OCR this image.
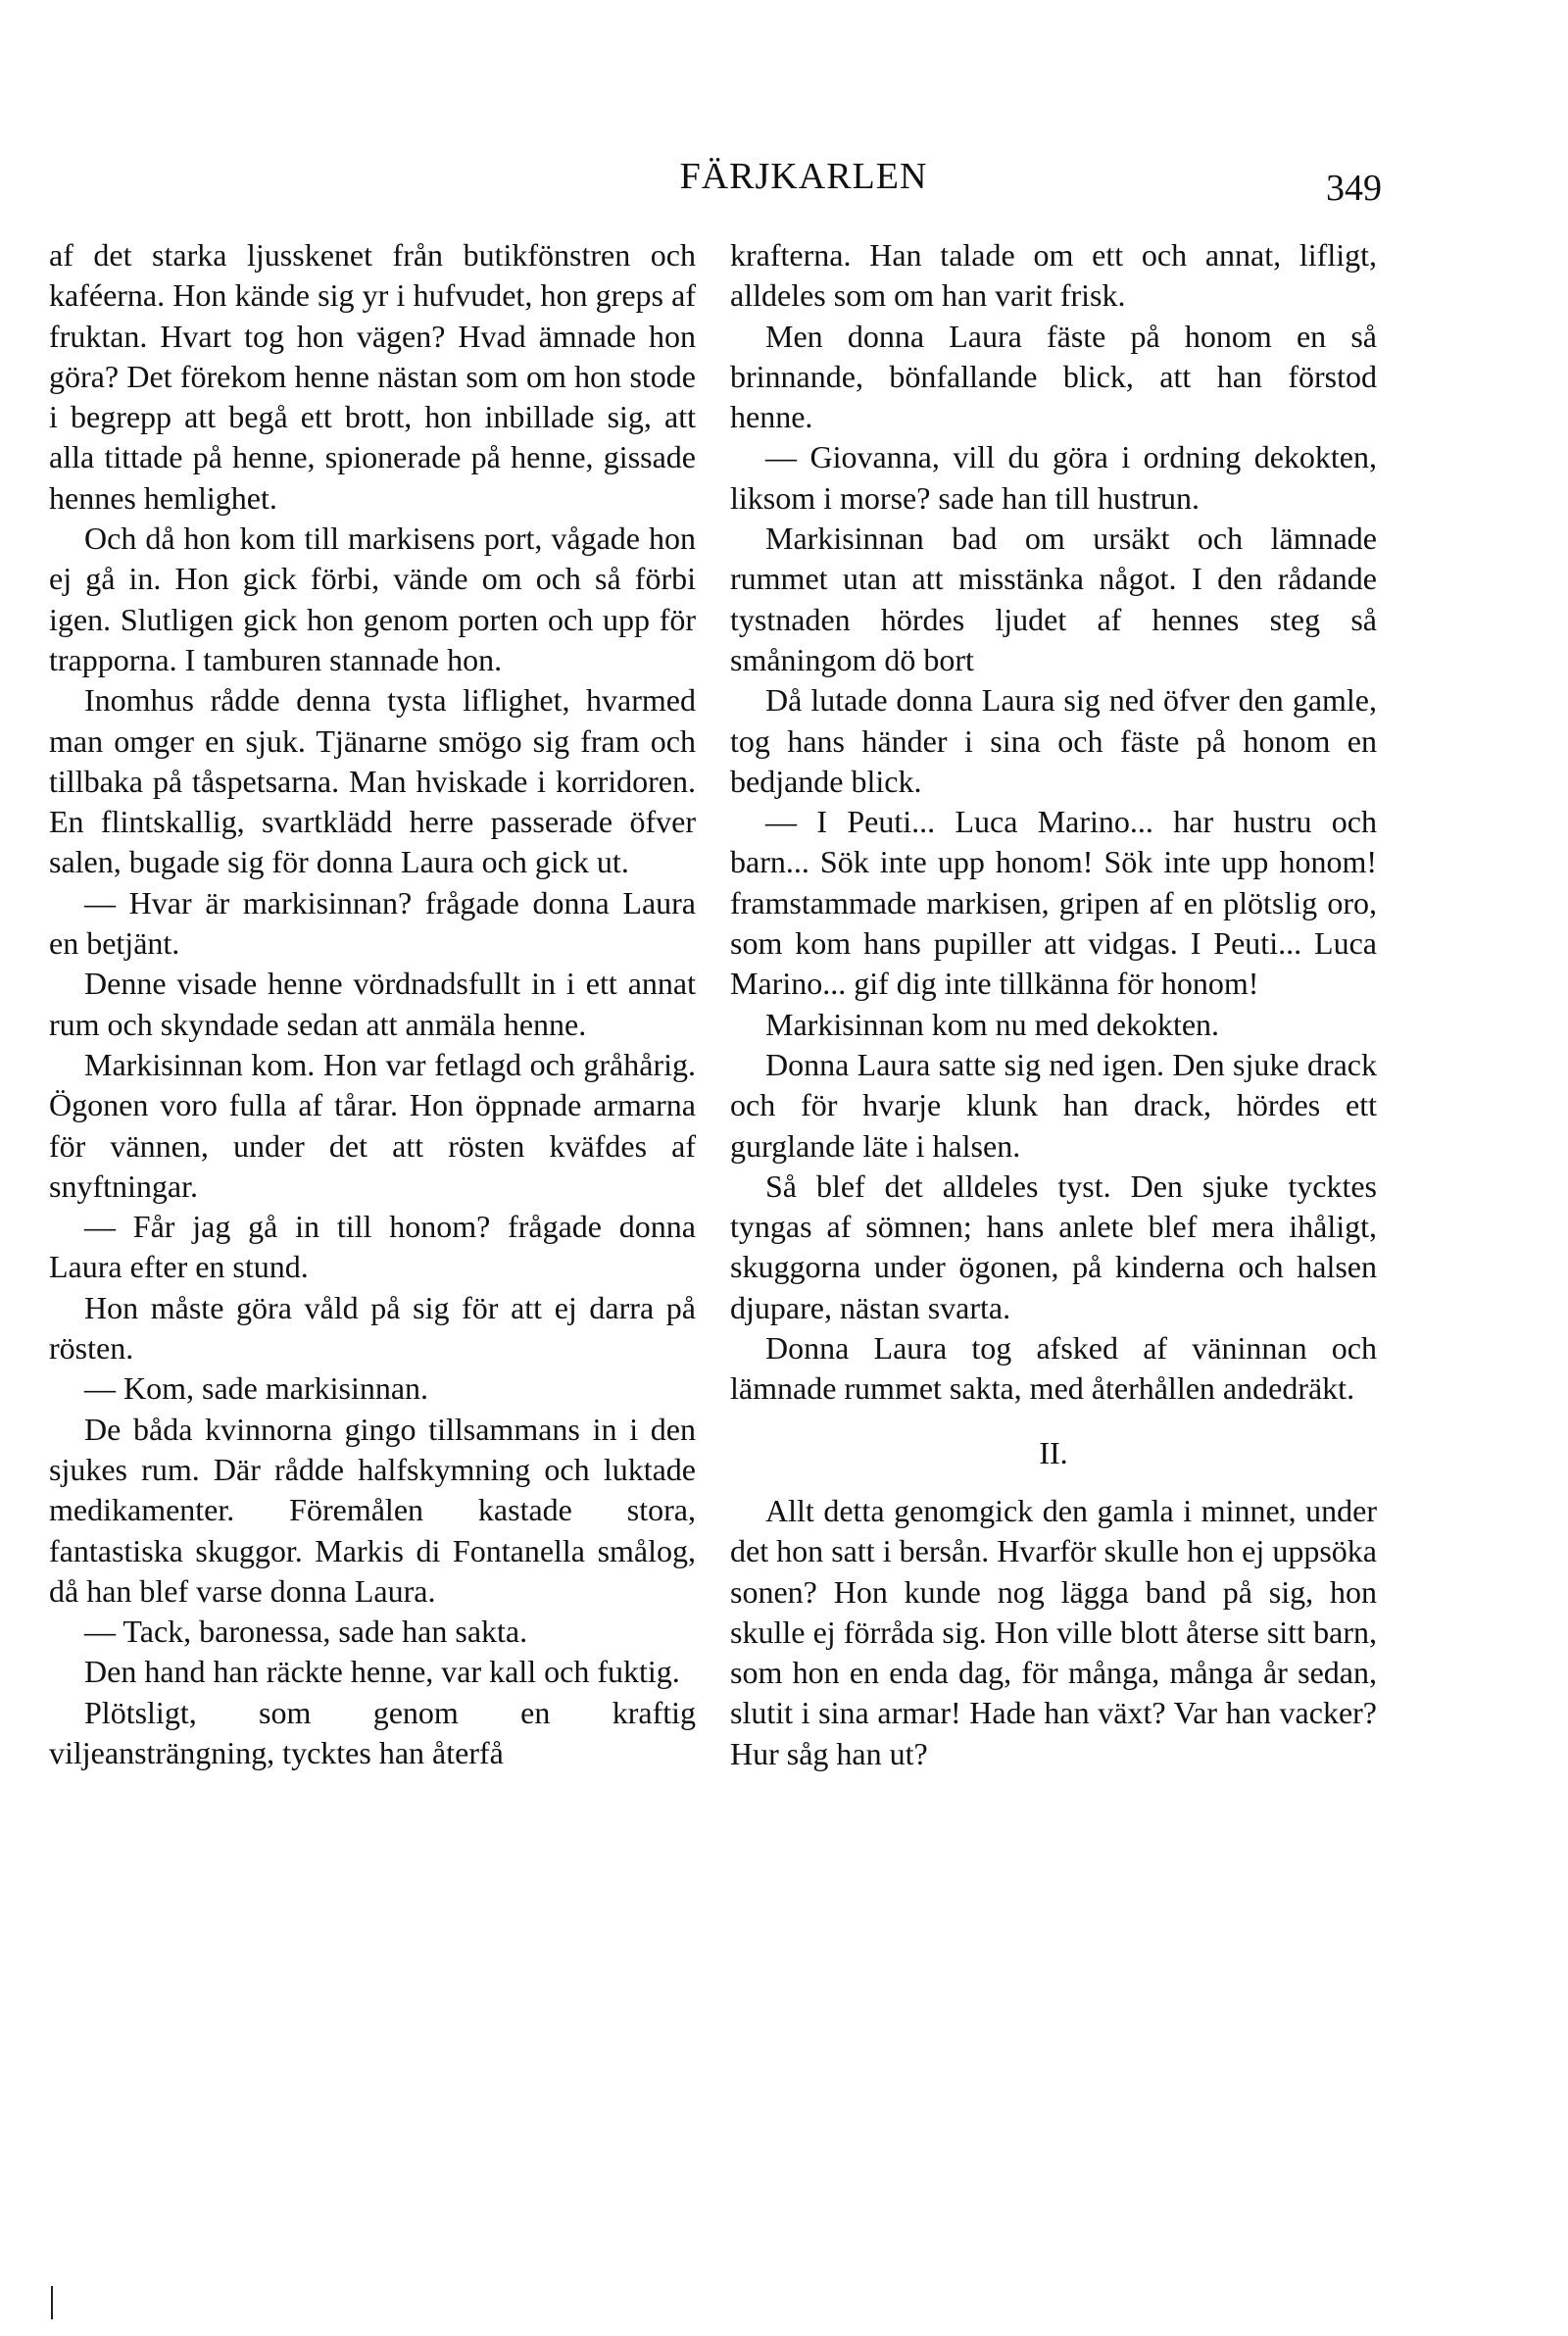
FÄRJKARLEN	349

af det starka ljusskenet från butikfönstren och kaféerna. Hon kände sig yr i hufvudet, hon greps af fruktan. Hvart tog hon vägen? Hvad ämnade hon göra? Det förekom henne nästan som om hon stode i begrepp att begå ett brott, hon inbillade sig, att alla tittade på henne, spionerade på henne, gissade hennes hemlighet.

Och då hon kom till markisens port, vågade hon ej gå in. Hon gick förbi, vände om och så förbi igen. Slutligen gick hon genom porten och upp för trapporna. I tamburen stannade hon.

Inomhus rådde denna tysta liflighet, hvarmed man omger en sjuk. Tjänarne smögo sig fram och tillbaka på tåspetsarna. Man hviskade i korridoren. En flintskallig, svartklädd herre passerade öfver salen, bugade sig för donna Laura och gick ut.

— Hvar är markisinnan? frågade donna Laura en betjänt.

Denne visade henne vördnadsfullt in i ett annat rum och skyndade sedan att anmäla henne.

Markisinnan kom. Hon var fetlagd och gråhårig. Ögonen voro fulla af tårar. Hon öppnade armarna för vännen, under det att rösten kväfdes af snyftningar.

— Får jag gå in till honom? frågade donna Laura efter en stund.

Hon måste göra våld på sig för att ej darra på rösten.

— Kom, sade markisinnan.

De båda kvinnorna gingo tillsammans in i den sjukes rum. Där rådde halfskymning och luktade medikamenter. Föremålen kastade stora, fantastiska skuggor. Markis di Fontanella smålog, då han blef varse donna Laura.

— Tack, baronessa, sade han sakta.

Den hand han räckte henne, var kall och fuktig.

Plötsligt, som genom en kraftig viljeansträngning, tycktes han återfå

krafterna. Han talade om ett och annat, lifligt, alldeles som om han varit frisk.

Men donna Laura fäste på honom en så brinnande, bönfallande blick, att han förstod henne.

— Giovanna, vill du göra i ordning dekokten, liksom i morse? sade han till hustrun.

Markisinnan bad om ursäkt och lämnade rummet utan att misstänka något. I den rådande tystnaden hördes ljudet af hennes steg så småningom dö bort

Då lutade donna Laura sig ned öfver den gamle, tog hans händer i sina och fäste på honom en bedjande blick.

— I Peuti... Luca Marino... har hustru och barn... Sök inte upp honom! Sök inte upp honom! framstammade markisen, gripen af en plötslig oro, som kom hans pupiller att vidgas. I Peuti... Luca Marino... gif dig inte tillkänna för honom!

Markisinnan kom nu med dekokten.

Donna Laura satte sig ned igen. Den sjuke drack och för hvarje klunk han drack, hördes ett gurglande läte i halsen.

Så blef det alldeles tyst. Den sjuke tycktes tyngas af sömnen; hans anlete blef mera ihåligt, skuggorna under ögonen, på kinderna och halsen djupare, nästan svarta.

Donna Laura tog afsked af väninnan och lämnade rummet sakta, med återhållen andedräkt.

II.

Allt detta genomgick den gamla i minnet, under det hon satt i bersån. Hvarför skulle hon ej uppsöka sonen? Hon kunde nog lägga band på sig, hon skulle ej förråda sig. Hon ville blott återse sitt barn, som hon en enda dag, för många, många år sedan, slutit i sina armar! Hade han växt? Var han vacker? Hur såg han ut?
